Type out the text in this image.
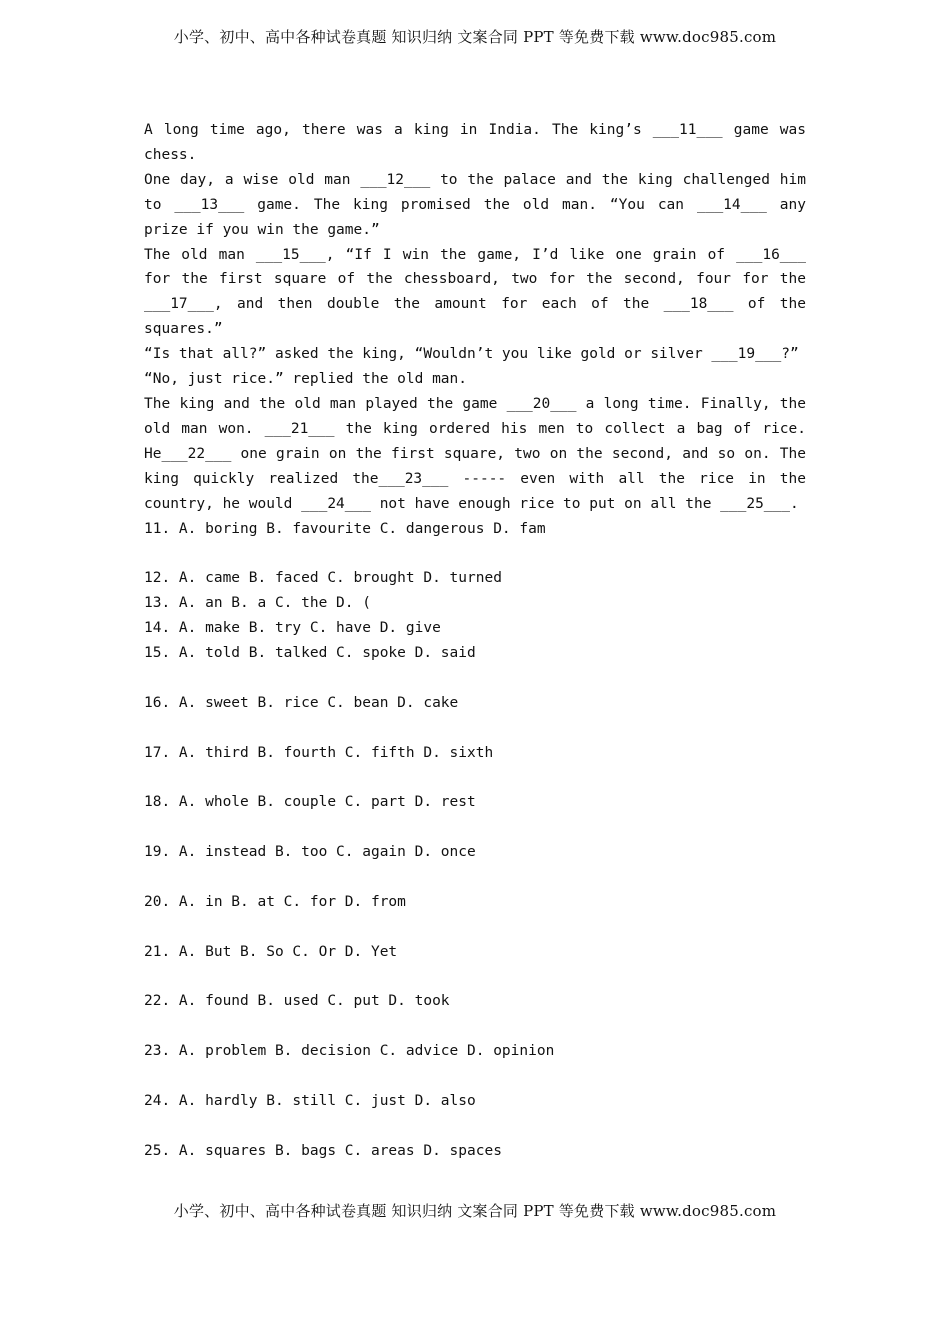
小学、初中、高中各种试卷真题 知识归纳 文案合同 PPT 等免费下载 www.doc985.com

A long time ago, there was a king in India. The king’s ___11___ game was chess.

One day, a wise old man ___12___ to the palace and the king challenged him to ___13___ game. The king promised the old man. “You can ___14___ any prize if you win the game.”

The old man ___15___, “If I win the game, I’d like one grain of ___16___ for the first square of the chessboard, two for the second, four for the ___17___, and then double the amount for each of the ___18___ of the squares.”

“Is that all?” asked the king, “Wouldn’t you like gold or silver ___19___?”

“No, just rice.” replied the old man.

The king and the old man played the game ___20___ a long time. Finally, the old man won. ___21___ the king ordered his men to collect a bag of rice. He___22___ one grain on the first square, two on the second, and so on. The king quickly realized the___23___ ----- even with all the rice in the country, he would ___24___ not have enough rice to put on all the ___25___.

11. A. boring B. favourite C. dangerous D. fam

12. A. came B. faced C. brought D. turned

13. A. an B. a C. the D. (

14. A. make B. try C. have D. give

15. A. told B. talked C. spoke D. said

16. A. sweet B. rice C. bean D. cake

17. A. third B. fourth C. fifth D. sixth

18. A. whole B. couple C. part D. rest

19. A. instead B. too C. again D. once

20. A. in B. at C. for D. from

21. A. But B. So C. Or D. Yet

22. A. found B. used C. put D. took

23. A. problem B. decision C. advice D. opinion

24. A. hardly B. still C. just D. also

25. A. squares B. bags C. areas D. spaces

小学、初中、高中各种试卷真题 知识归纳 文案合同 PPT 等免费下载 www.doc985.com
